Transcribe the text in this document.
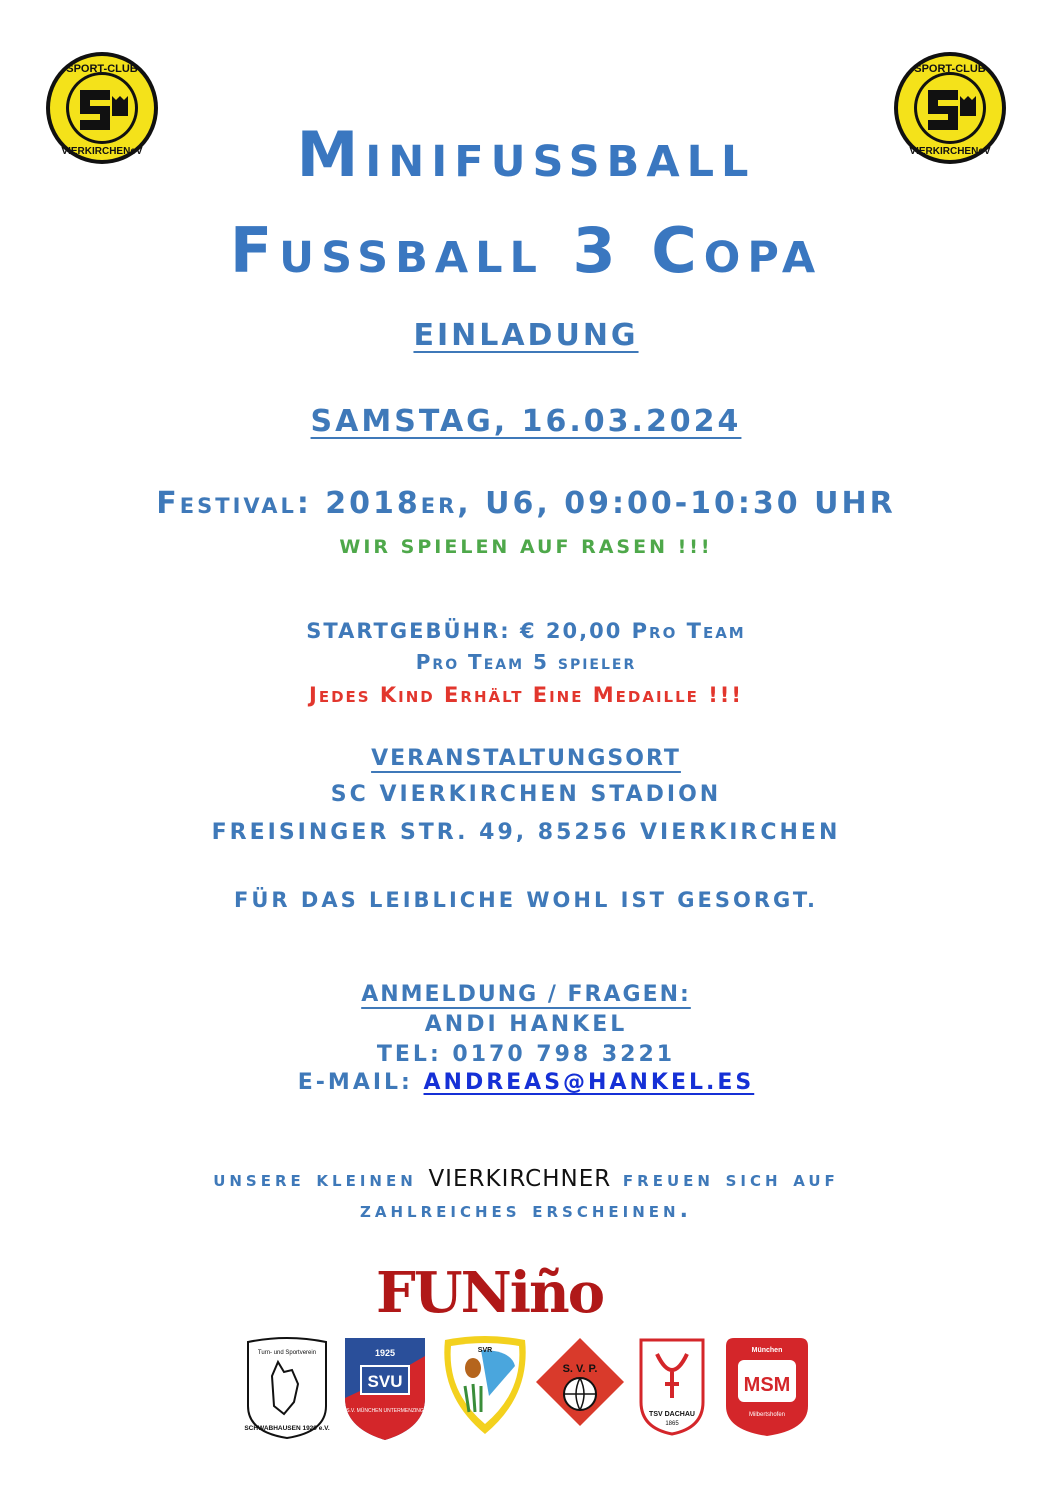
SPORT-CLUB
VIERKIRCHENeV
SPORT-CLUB
VIERKIRCHENeV
Minifussball
Fussball 3 Copa
EINLADUNG
SAMSTAG, 16.03.2024
Festival: 2018er, U6, 09:00-10:30 UHR
WIR SPIELEN AUF RASEN !!!
STARTGEBÜHR: € 20,00 Pro Team
Pro Team 5 spieler
Jedes Kind Erhält Eine Medaille !!!
VERANSTALTUNGSORT
SC VIERKIRCHEN STADION
FREISINGER STR. 49, 85256 VIERKIRCHEN
FÜR DAS LEIBLICHE WOHL IST GESORGT.
ANMELDUNG / FRAGEN:
ANDI HANKEL
TEL: 0170 798 3221
E-MAIL: ANDREAS@HANKEL.ES
unsere kleinen VIERKIRCHNER freuen sich auf
zahlreiches erscheinen.
FUNiño
Turn- und Sportverein
SCHWABHAUSEN 1929 e.V.
1925
SVU
S.V. MÜNCHEN UNTERMENZING
SVR
S. V. P.
TSV DACHAU
1865
München
MSM
Milbertshofen
